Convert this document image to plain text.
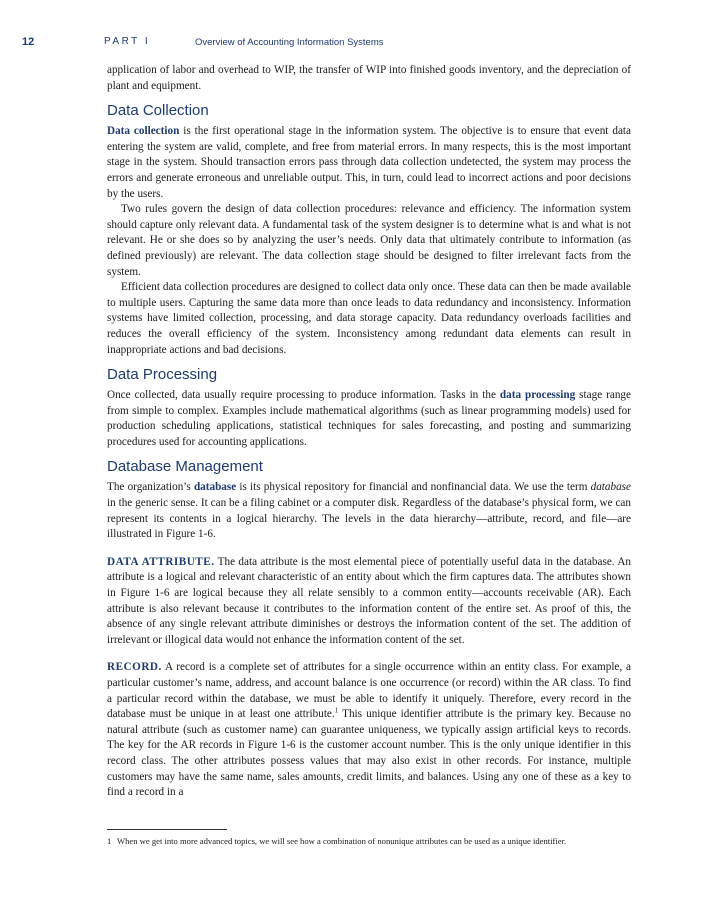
12	PART I	Overview of Accounting Information Systems

application of labor and overhead to WIP, the transfer of WIP into finished goods inventory, and the depreciation of plant and equipment.

Data Collection

Data collection is the first operational stage in the information system. The objective is to ensure that event data entering the system are valid, complete, and free from material errors. In many respects, this is the most important stage in the system. Should transaction errors pass through data collection undetected, the system may process the errors and generate erroneous and unreliable output. This, in turn, could lead to incorrect actions and poor decisions by the users.

Two rules govern the design of data collection procedures: relevance and efficiency. The information system should capture only relevant data. A fundamental task of the system designer is to determine what is and what is not relevant. He or she does so by analyzing the user’s needs. Only data that ultimately contribute to information (as defined previously) are relevant. The data collection stage should be designed to filter irrelevant facts from the system.

Efficient data collection procedures are designed to collect data only once. These data can then be made available to multiple users. Capturing the same data more than once leads to data redundancy and inconsistency. Information systems have limited collection, processing, and data storage capacity. Data redundancy overloads facilities and reduces the overall efficiency of the system. Inconsistency among redundant data elements can result in inappropriate actions and bad decisions.

Data Processing

Once collected, data usually require processing to produce information. Tasks in the data processing stage range from simple to complex. Examples include mathematical algorithms (such as linear programming models) used for production scheduling applications, statistical techniques for sales forecasting, and posting and summarizing procedures used for accounting applications.

Database Management

The organization’s database is its physical repository for financial and nonfinancial data. We use the term database in the generic sense. It can be a filing cabinet or a computer disk. Regardless of the database’s physical form, we can represent its contents in a logical hierarchy. The levels in the data hierarchy—attribute, record, and file—are illustrated in Figure 1-6.

DATA ATTRIBUTE. The data attribute is the most elemental piece of potentially useful data in the database. An attribute is a logical and relevant characteristic of an entity about which the firm captures data. The attributes shown in Figure 1-6 are logical because they all relate sensibly to a common entity—accounts receivable (AR). Each attribute is also relevant because it contributes to the information content of the entire set. As proof of this, the absence of any single relevant attribute diminishes or destroys the information content of the set. The addition of irrelevant or illogical data would not enhance the information content of the set.

RECORD. A record is a complete set of attributes for a single occurrence within an entity class. For example, a particular customer’s name, address, and account balance is one occurrence (or record) within the AR class. To find a particular record within the database, we must be able to identify it uniquely. Therefore, every record in the database must be unique in at least one attribute.$^1$ This unique identifier attribute is the primary key. Because no natural attribute (such as customer name) can guarantee uniqueness, we typically assign artificial keys to records. The key for the AR records in Figure 1-6 is the customer account number. This is the only unique identifier in this record class. The other attributes possess values that may also exist in other records. For instance, multiple customers may have the same name, sales amounts, credit limits, and balances. Using any one of these as a key to find a record in a

1 When we get into more advanced topics, we will see how a combination of nonunique attributes can be used as a unique identifier.
